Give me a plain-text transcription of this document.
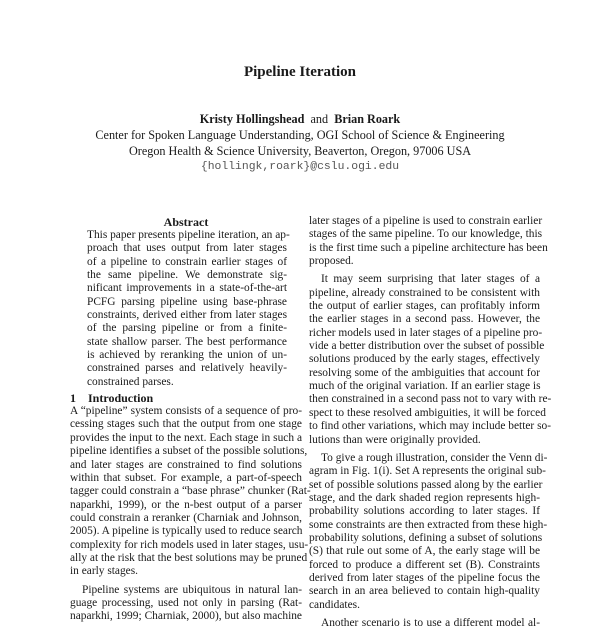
Pipeline Iteration
Kristy Hollingshead and Brian Roark
Center for Spoken Language Understanding, OGI School of Science & Engineering
Oregon Health & Science University, Beaverton, Oregon, 97006 USA
{hollingk,roark}@cslu.ogi.edu
Abstract
This paper presents pipeline iteration, an ap-
proach that uses output from later stages
of a pipeline to constrain earlier stages of
the same pipeline. We demonstrate sig-
nificant improvements in a state-of-the-art
PCFG parsing pipeline using base-phrase
constraints, derived either from later stages
of the parsing pipeline or from a finite-
state shallow parser. The best performance
is achieved by reranking the union of un-
constrained parses and relatively heavily-
constrained parses.
1 Introduction

A “pipeline” system consists of a sequence of pro-
cessing stages such that the output from one stage
provides the input to the next. Each stage in such a
pipeline identifies a subset of the possible solutions,
and later stages are constrained to find solutions
within that subset. For example, a part-of-speech
tagger could constrain a “base phrase” chunker (Rat-
naparkhi, 1999), or the n-best output of a parser
could constrain a reranker (Charniak and Johnson,
2005). A pipeline is typically used to reduce search
complexity for rich models used in later stages, usu-
ally at the risk that the best solutions may be pruned
in early stages.

Pipeline systems are ubiquitous in natural lan-
guage processing, used not only in parsing (Rat-
naparkhi, 1999; Charniak, 2000), but also machine

later stages of a pipeline is used to constrain earlier
stages of the same pipeline. To our knowledge, this
is the first time such a pipeline architecture has been
proposed.

It may seem surprising that later stages of a
pipeline, already constrained to be consistent with
the output of earlier stages, can profitably inform
the earlier stages in a second pass. However, the
richer models used in later stages of a pipeline pro-
vide a better distribution over the subset of possible
solutions produced by the early stages, effectively
resolving some of the ambiguities that account for
much of the original variation. If an earlier stage is
then constrained in a second pass not to vary with re-
spect to these resolved ambiguities, it will be forced
to find other variations, which may include better so-
lutions than were originally provided.

To give a rough illustration, consider the Venn di-
agram in Fig. 1(i). Set A represents the original sub-
set of possible solutions passed along by the earlier
stage, and the dark shaded region represents high-
probability solutions according to later stages. If
some constraints are then extracted from these high-
probability solutions, defining a subset of solutions
(S) that rule out some of A, the early stage will be
forced to produce a different set (B). Constraints
derived from later stages of the pipeline focus the
search in an area believed to contain high-quality
candidates.

Another scenario is to use a different model al-
